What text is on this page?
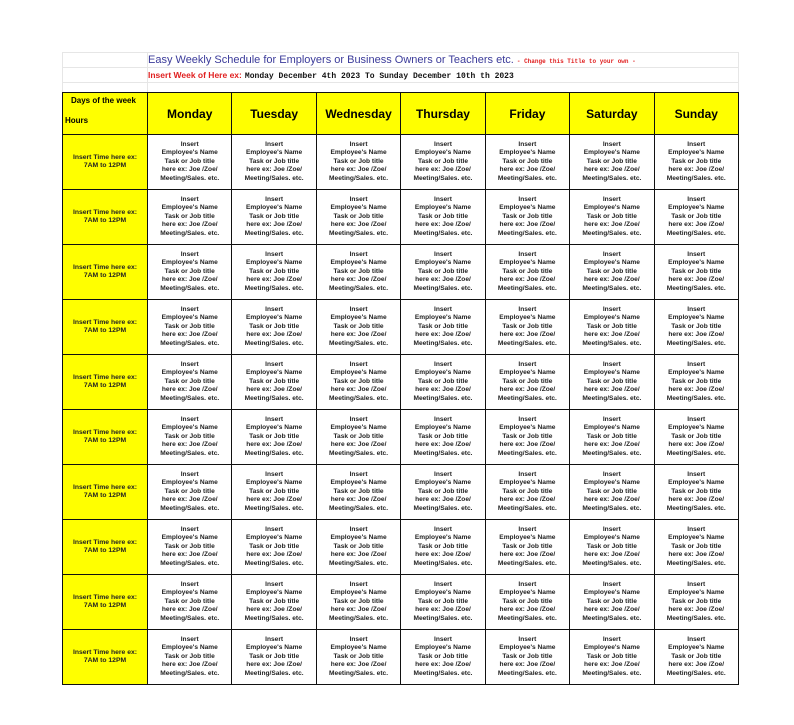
	Easy Weekly Schedule for Employers or Business Owners or Teachers etc. - Change this Title to your own -
	Insert Week of Here ex: Monday December 4th 2023 To Sunday December 10th th 2023

Days of the week
Hours	Monday	Tuesday	Wednesday	Thursday	Friday	Saturday	Sunday
Insert Time here ex:
7AM to 12PM	Insert
Employee's Name
Task or Job title
here ex: Joe /Zoe/
Meeting/Sales. etc.	Insert
Employee's Name
Task or Job title
here ex: Joe /Zoe/
Meeting/Sales. etc.	Insert
Employee's Name
Task or Job title
here ex: Joe /Zoe/
Meeting/Sales. etc.	Insert
Employee's Name
Task or Job title
here ex: Joe /Zoe/
Meeting/Sales. etc.	Insert
Employee's Name
Task or Job title
here ex: Joe /Zoe/
Meeting/Sales. etc.	Insert
Employee's Name
Task or Job title
here ex: Joe /Zoe/
Meeting/Sales. etc.	Insert
Employee's Name
Task or Job title
here ex: Joe /Zoe/
Meeting/Sales. etc.
Insert Time here ex:
7AM to 12PM	Insert
Employee's Name
Task or Job title
here ex: Joe /Zoe/
Meeting/Sales. etc.	Insert
Employee's Name
Task or Job title
here ex: Joe /Zoe/
Meeting/Sales. etc.	Insert
Employee's Name
Task or Job title
here ex: Joe /Zoe/
Meeting/Sales. etc.	Insert
Employee's Name
Task or Job title
here ex: Joe /Zoe/
Meeting/Sales. etc.	Insert
Employee's Name
Task or Job title
here ex: Joe /Zoe/
Meeting/Sales. etc.	Insert
Employee's Name
Task or Job title
here ex: Joe /Zoe/
Meeting/Sales. etc.	Insert
Employee's Name
Task or Job title
here ex: Joe /Zoe/
Meeting/Sales. etc.
Insert Time here ex:
7AM to 12PM	Insert
Employee's Name
Task or Job title
here ex: Joe /Zoe/
Meeting/Sales. etc.	Insert
Employee's Name
Task or Job title
here ex: Joe /Zoe/
Meeting/Sales. etc.	Insert
Employee's Name
Task or Job title
here ex: Joe /Zoe/
Meeting/Sales. etc.	Insert
Employee's Name
Task or Job title
here ex: Joe /Zoe/
Meeting/Sales. etc.	Insert
Employee's Name
Task or Job title
here ex: Joe /Zoe/
Meeting/Sales. etc.	Insert
Employee's Name
Task or Job title
here ex: Joe /Zoe/
Meeting/Sales. etc.	Insert
Employee's Name
Task or Job title
here ex: Joe /Zoe/
Meeting/Sales. etc.
Insert Time here ex:
7AM to 12PM	Insert
Employee's Name
Task or Job title
here ex: Joe /Zoe/
Meeting/Sales. etc.	Insert
Employee's Name
Task or Job title
here ex: Joe /Zoe/
Meeting/Sales. etc.	Insert
Employee's Name
Task or Job title
here ex: Joe /Zoe/
Meeting/Sales. etc.	Insert
Employee's Name
Task or Job title
here ex: Joe /Zoe/
Meeting/Sales. etc.	Insert
Employee's Name
Task or Job title
here ex: Joe /Zoe/
Meeting/Sales. etc.	Insert
Employee's Name
Task or Job title
here ex: Joe /Zoe/
Meeting/Sales. etc.	Insert
Employee's Name
Task or Job title
here ex: Joe /Zoe/
Meeting/Sales. etc.
Insert Time here ex:
7AM to 12PM	Insert
Employee's Name
Task or Job title
here ex: Joe /Zoe/
Meeting/Sales. etc.	Insert
Employee's Name
Task or Job title
here ex: Joe /Zoe/
Meeting/Sales. etc.	Insert
Employee's Name
Task or Job title
here ex: Joe /Zoe/
Meeting/Sales. etc.	Insert
Employee's Name
Task or Job title
here ex: Joe /Zoe/
Meeting/Sales. etc.	Insert
Employee's Name
Task or Job title
here ex: Joe /Zoe/
Meeting/Sales. etc.	Insert
Employee's Name
Task or Job title
here ex: Joe /Zoe/
Meeting/Sales. etc.	Insert
Employee's Name
Task or Job title
here ex: Joe /Zoe/
Meeting/Sales. etc.
Insert Time here ex:
7AM to 12PM	Insert
Employee's Name
Task or Job title
here ex: Joe /Zoe/
Meeting/Sales. etc.	Insert
Employee's Name
Task or Job title
here ex: Joe /Zoe/
Meeting/Sales. etc.	Insert
Employee's Name
Task or Job title
here ex: Joe /Zoe/
Meeting/Sales. etc.	Insert
Employee's Name
Task or Job title
here ex: Joe /Zoe/
Meeting/Sales. etc.	Insert
Employee's Name
Task or Job title
here ex: Joe /Zoe/
Meeting/Sales. etc.	Insert
Employee's Name
Task or Job title
here ex: Joe /Zoe/
Meeting/Sales. etc.	Insert
Employee's Name
Task or Job title
here ex: Joe /Zoe/
Meeting/Sales. etc.
Insert Time here ex:
7AM to 12PM	Insert
Employee's Name
Task or Job title
here ex: Joe /Zoe/
Meeting/Sales. etc.	Insert
Employee's Name
Task or Job title
here ex: Joe /Zoe/
Meeting/Sales. etc.	Insert
Employee's Name
Task or Job title
here ex: Joe /Zoe/
Meeting/Sales. etc.	Insert
Employee's Name
Task or Job title
here ex: Joe /Zoe/
Meeting/Sales. etc.	Insert
Employee's Name
Task or Job title
here ex: Joe /Zoe/
Meeting/Sales. etc.	Insert
Employee's Name
Task or Job title
here ex: Joe /Zoe/
Meeting/Sales. etc.	Insert
Employee's Name
Task or Job title
here ex: Joe /Zoe/
Meeting/Sales. etc.
Insert Time here ex:
7AM to 12PM	Insert
Employee's Name
Task or Job title
here ex: Joe /Zoe/
Meeting/Sales. etc.	Insert
Employee's Name
Task or Job title
here ex: Joe /Zoe/
Meeting/Sales. etc.	Insert
Employee's Name
Task or Job title
here ex: Joe /Zoe/
Meeting/Sales. etc.	Insert
Employee's Name
Task or Job title
here ex: Joe /Zoe/
Meeting/Sales. etc.	Insert
Employee's Name
Task or Job title
here ex: Joe /Zoe/
Meeting/Sales. etc.	Insert
Employee's Name
Task or Job title
here ex: Joe /Zoe/
Meeting/Sales. etc.	Insert
Employee's Name
Task or Job title
here ex: Joe /Zoe/
Meeting/Sales. etc.
Insert Time here ex:
7AM to 12PM	Insert
Employee's Name
Task or Job title
here ex: Joe /Zoe/
Meeting/Sales. etc.	Insert
Employee's Name
Task or Job title
here ex: Joe /Zoe/
Meeting/Sales. etc.	Insert
Employee's Name
Task or Job title
here ex: Joe /Zoe/
Meeting/Sales. etc.	Insert
Employee's Name
Task or Job title
here ex: Joe /Zoe/
Meeting/Sales. etc.	Insert
Employee's Name
Task or Job title
here ex: Joe /Zoe/
Meeting/Sales. etc.	Insert
Employee's Name
Task or Job title
here ex: Joe /Zoe/
Meeting/Sales. etc.	Insert
Employee's Name
Task or Job title
here ex: Joe /Zoe/
Meeting/Sales. etc.
Insert Time here ex:
7AM to 12PM	Insert
Employee's Name
Task or Job title
here ex: Joe /Zoe/
Meeting/Sales. etc.	Insert
Employee's Name
Task or Job title
here ex: Joe /Zoe/
Meeting/Sales. etc.	Insert
Employee's Name
Task or Job title
here ex: Joe /Zoe/
Meeting/Sales. etc.	Insert
Employee's Name
Task or Job title
here ex: Joe /Zoe/
Meeting/Sales. etc.	Insert
Employee's Name
Task or Job title
here ex: Joe /Zoe/
Meeting/Sales. etc.	Insert
Employee's Name
Task or Job title
here ex: Joe /Zoe/
Meeting/Sales. etc.	Insert
Employee's Name
Task or Job title
here ex: Joe /Zoe/
Meeting/Sales. etc.
